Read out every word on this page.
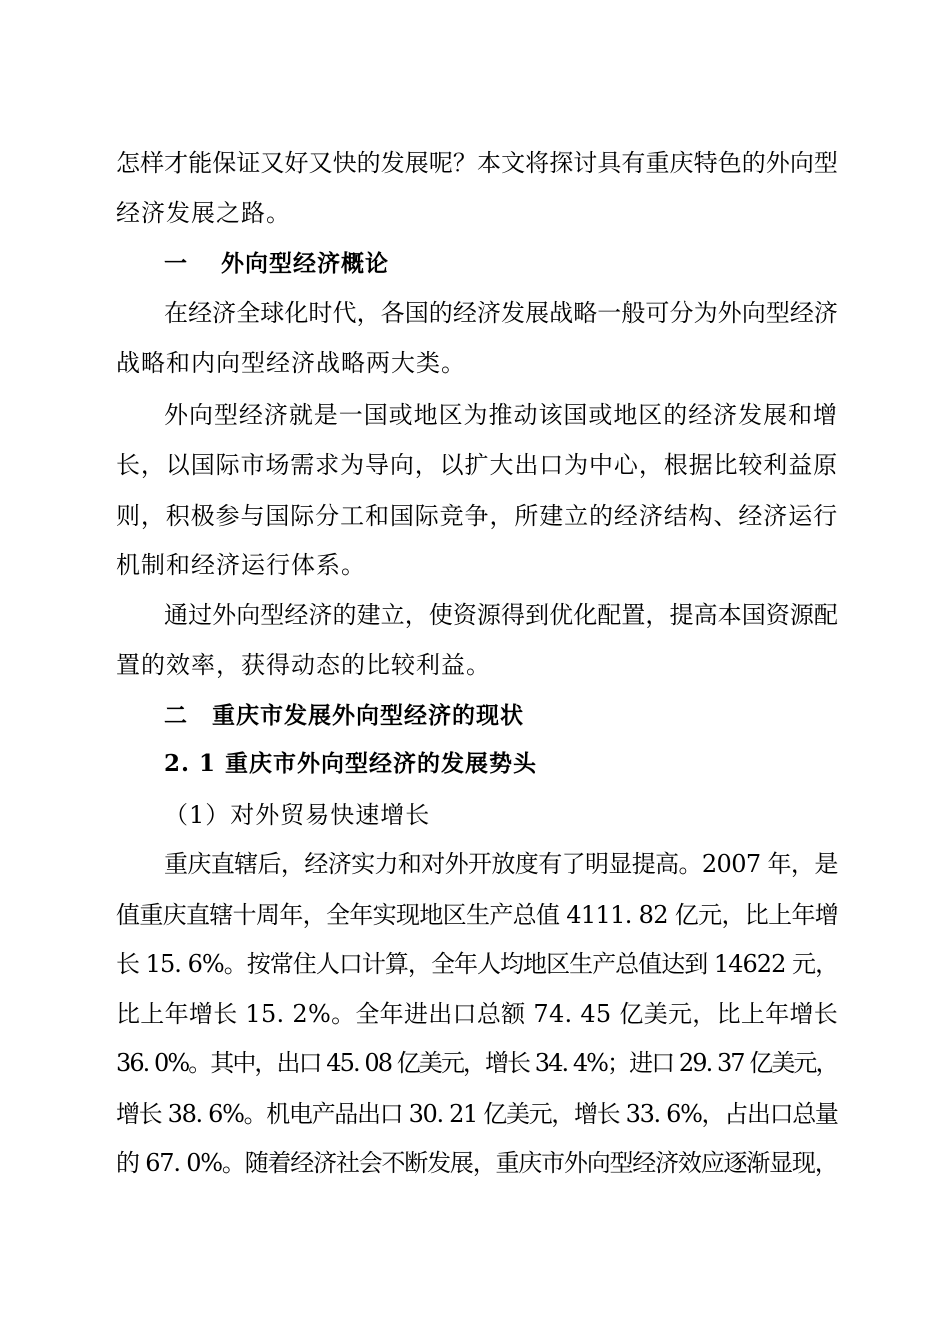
怎样才能保证又好又快的发展呢？本文将探讨具有重庆特色的外向型
经济发展之路。
一　 外向型经济概论
在经济全球化时代，各国的经济发展战略一般可分为外向型经济
战略和内向型经济战略两大类。
外向型经济就是一国或地区为推动该国或地区的经济发展和增
长，以国际市场需求为导向，以扩大出口为中心，根据比较利益原
则，积极参与国际分工和国际竞争，所建立的经济结构、经济运行
机制和经济运行体系。
通过外向型经济的建立，使资源得到优化配置，提高本国资源配
置的效率，获得动态的比较利益。
二　重庆市发展外向型经济的现状
2. 1 重庆市外向型经济的发展势头
（1）对外贸易快速增长
重庆直辖后，经济实力和对外开放度有了明显提高。2007 年，是
值重庆直辖十周年，全年实现地区生产总值 4111. 82 亿元，比上年增
长 15. 6%。按常住人口计算，全年人均地区生产总值达到 14622 元，
比上年增长 15. 2%。全年进出口总额 74. 45 亿美元，比上年增长
36. 0%。其中，出口 45. 08 亿美元，增长 34. 4%；进口 29. 37 亿美元，
增长 38. 6%。机电产品出口 30. 21 亿美元，增长 33. 6%，占出口总量
的 67. 0%。随着经济社会不断发展，重庆市外向型经济效应逐渐显现，
